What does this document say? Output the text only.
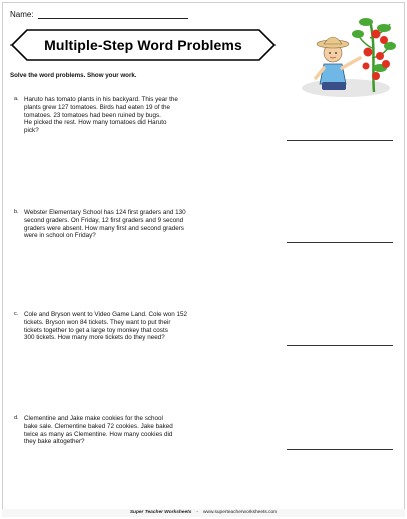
Name:
Multiple-Step Word Problems
Solve the word problems. Show your work.
a. Haruto has tomato plants in his backyard. This year the
plants grew 127 tomatoes. Birds had eaten 19 of the
tomatoes. 23 tomatoes had been ruined by bugs.
He picked the rest. How many tomatoes did Haruto
pick?
b. Webster Elementary School has 124 first graders and 130
second graders. On Friday, 12 first graders and 9 second
graders were absent. How many first and second graders
were in school on Friday?
c. Cole and Bryson went to Video Game Land. Cole won 152
tickets. Bryson won 84 tickets. They want to put their
tickets together to get a large toy monkey that costs
300 tickets. How many more tickets do they need?
d. Clementine and Jake make cookies for the school
bake sale. Clementine baked 72 cookies. Jake baked
twice as many as Clementine. How many cookies did
they bake altogether?
Super Teacher Worksheets - www.superteacherworksheets.com
